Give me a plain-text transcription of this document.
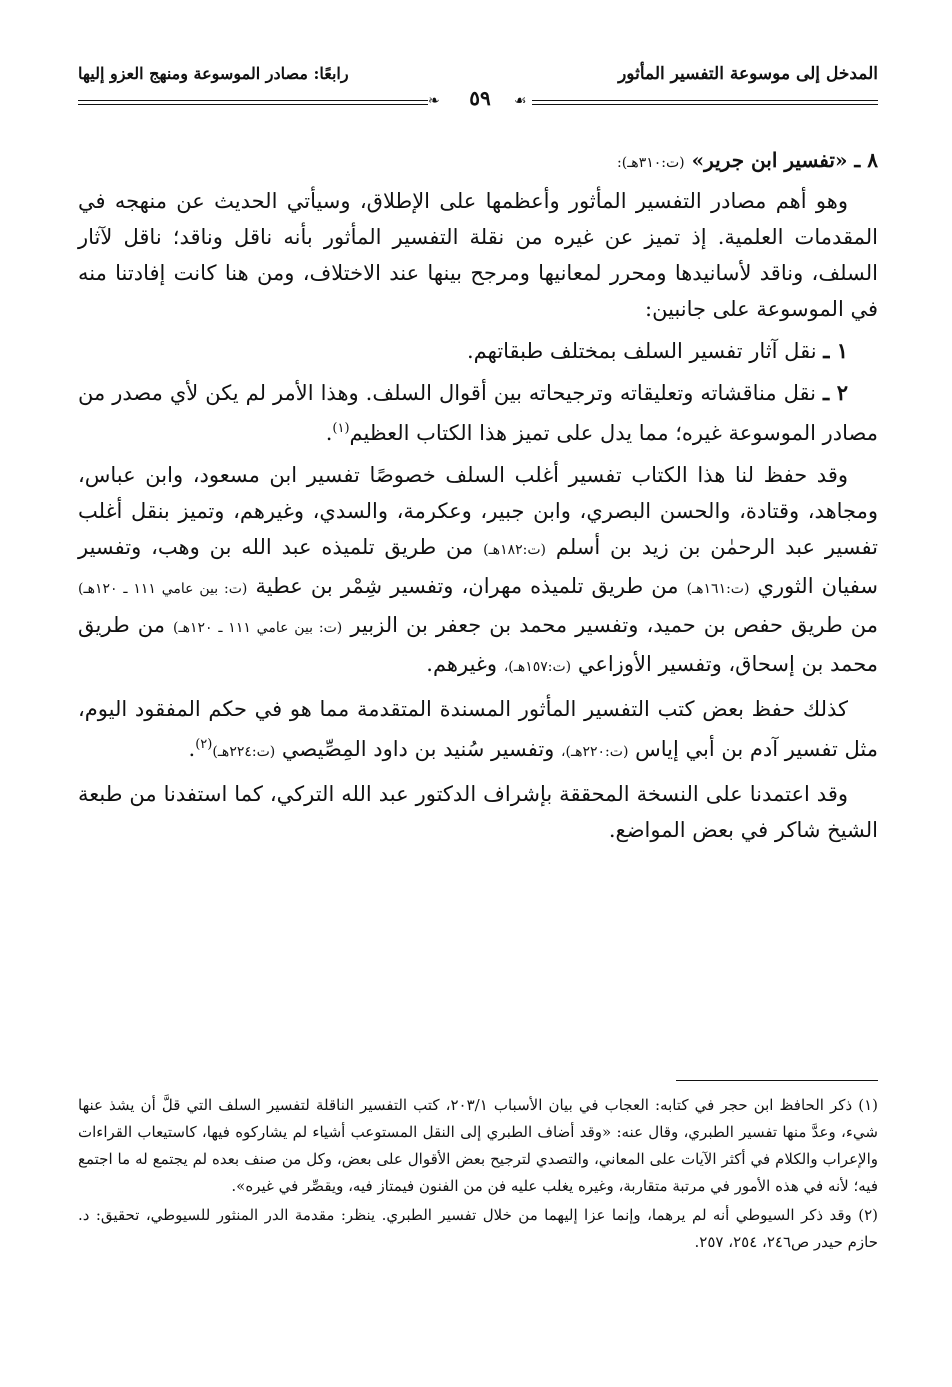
المدخل إلى موسوعة التفسير المأثور
رابعًا: مصادر الموسوعة ومنهج العزو إليها
❧	☙
٥٩

٨ ـ «تفسير ابن جرير» (ت:٣١٠هـ):

وهو أهم مصادر التفسير المأثور وأعظمها على الإطلاق، وسيأتي الحديث عن منهجه في المقدمات العلمية. إذ تميز عن غيره من نقلة التفسير المأثور بأنه ناقل وناقد؛ ناقل لآثار السلف، وناقد لأسانيدها ومحرر لمعانيها ومرجح بينها عند الاختلاف، ومن هنا كانت إفادتنا منه في الموسوعة على جانبين:

١ ـ نقل آثار تفسير السلف بمختلف طبقاتهم.

٢ ـ نقل مناقشاته وتعليقاته وترجيحاته بين أقوال السلف. وهذا الأمر لم يكن لأي مصدر من مصادر الموسوعة غيره؛ مما يدل على تميز هذا الكتاب العظيم$^{(١)}$.

وقد حفظ لنا هذا الكتاب تفسير أغلب السلف خصوصًا تفسير ابن مسعود، وابن عباس، ومجاهد، وقتادة، والحسن البصري، وابن جبير، وعكرمة، والسدي، وغيرهم، وتميز بنقل أغلب تفسير عبد الرحمٰن بن زيد بن أسلم (ت:١٨٢هـ) من طريق تلميذه عبد الله بن وهب، وتفسير سفيان الثوري (ت:١٦١هـ) من طريق تلميذه مهران، وتفسير شِمْر بن عطية (ت: بين عامي ١١١ ـ ١٢٠هـ) من طريق حفص بن حميد، وتفسير محمد بن جعفر بن الزبير (ت: بين عامي ١١١ ـ ١٢٠هـ) من طريق محمد بن إسحاق، وتفسير الأوزاعي (ت:١٥٧هـ)، وغيرهم.

كذلك حفظ بعض كتب التفسير المأثور المسندة المتقدمة مما هو في حكم المفقود اليوم، مثل تفسير آدم بن أبي إياس (ت:٢٢٠هـ)، وتفسير سُنيد بن داود المِصِّيصي (ت:٢٢٤هـ)$^{(٢)}$.

وقد اعتمدنا على النسخة المحققة بإشراف الدكتور عبد الله التركي، كما استفدنا من طبعة الشيخ شاكر في بعض المواضع.

(١) ذكر الحافظ ابن حجر في كتابه: العجاب في بيان الأسباب ٢٠٣/١، كتب التفسير الناقلة لتفسير السلف التي قلَّ أن يشذ عنها شيء، وعدَّ منها تفسير الطبري، وقال عنه: «وقد أضاف الطبري إلى النقل المستوعب أشياء لم يشاركوه فيها، كاستيعاب القراءات والإعراب والكلام في أكثر الآيات على المعاني، والتصدي لترجيح بعض الأقوال على بعض، وكل من صنف بعده لم يجتمع له ما اجتمع فيه؛ لأنه في هذه الأمور في مرتبة متقاربة، وغيره يغلب عليه فن من الفنون فيمتاز فيه، ويقصِّر في غيره».

(٢) وقد ذكر السيوطي أنه لم يرهما، وإنما عزا إليهما من خلال تفسير الطبري. ينظر: مقدمة الدر المنثور للسيوطي، تحقيق: د. حازم حيدر ص٢٤٦، ٢٥٤، ٢٥٧.
